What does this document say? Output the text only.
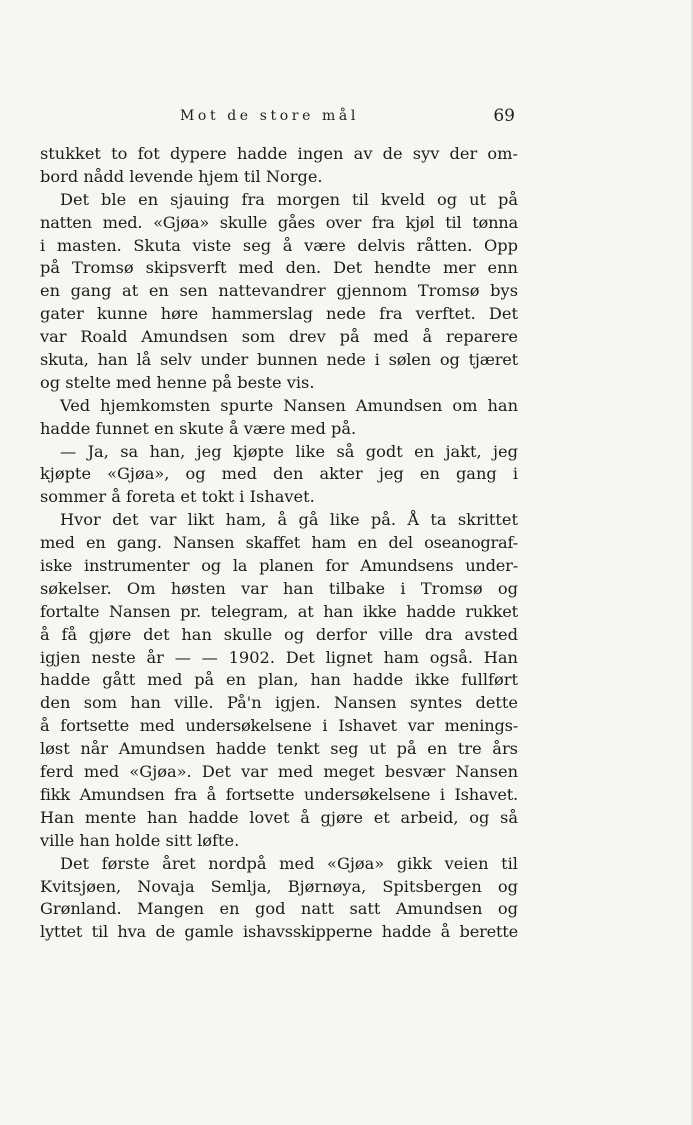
Mot de store mål	69
stukket to fot dypere hadde ingen av de syv der om-
bord nådd levende hjem til Norge.
Det ble en sjauing fra morgen til kveld og ut på
natten med. «Gjøa» skulle gåes over fra kjøl til tønna
i masten. Skuta viste seg å være delvis råtten. Opp
på Tromsø skipsverft med den. Det hendte mer enn
en gang at en sen nattevandrer gjennom Tromsø bys
gater kunne høre hammerslag nede fra verftet. Det
var Roald Amundsen som drev på med å reparere
skuta, han lå selv under bunnen nede i sølen og tjæret
og stelte med henne på beste vis.
Ved hjemkomsten spurte Nansen Amundsen om han
hadde funnet en skute å være med på.
— Ja, sa han, jeg kjøpte like så godt en jakt, jeg
kjøpte «Gjøa», og med den akter jeg en gang i
sommer å foreta et tokt i Ishavet.
Hvor det var likt ham, å gå like på. Å ta skrittet
med en gang. Nansen skaffet ham en del oseanograf-
iske instrumenter og la planen for Amundsens under-
søkelser. Om høsten var han tilbake i Tromsø og
fortalte Nansen pr. telegram, at han ikke hadde rukket
å få gjøre det han skulle og derfor ville dra avsted
igjen neste år — — 1902. Det lignet ham også. Han
hadde gått med på en plan, han hadde ikke fullført
den som han ville. På'n igjen. Nansen syntes dette
å fortsette med undersøkelsene i Ishavet var menings-
løst når Amundsen hadde tenkt seg ut på en tre års
ferd med «Gjøa». Det var med meget besvær Nansen
fikk Amundsen fra å fortsette undersøkelsene i Ishavet.
Han mente han hadde lovet å gjøre et arbeid, og så
ville han holde sitt løfte.
Det første året nordpå med «Gjøa» gikk veien til
Kvitsjøen, Novaja Semlja, Bjørnøya, Spitsbergen og
Grønland. Mangen en god natt satt Amundsen og
lyttet til hva de gamle ishavsskipperne hadde å berette
